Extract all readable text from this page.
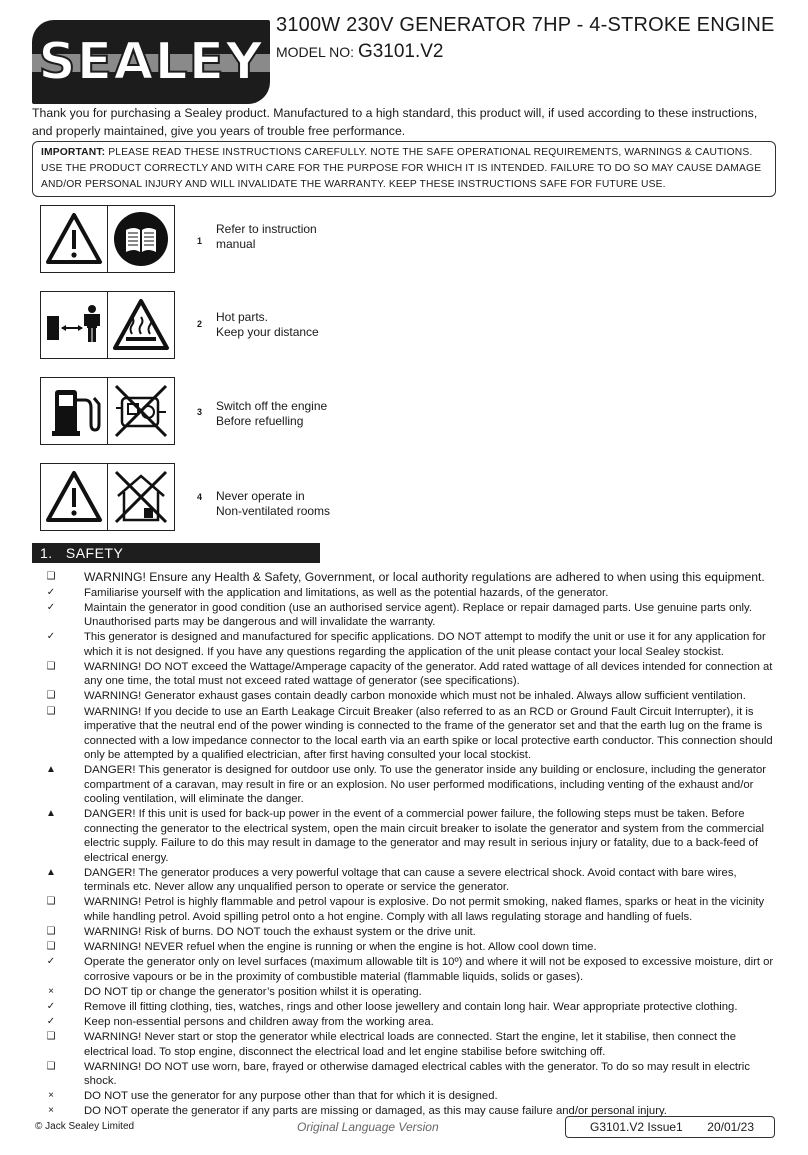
SEALEY
3100W 230V GENERATOR 7HP - 4-STROKE ENGINE
MODEL NO: G3101.V2
Thank you for purchasing a Sealey product. Manufactured to a high standard, this product will, if used according to these instructions, and properly maintained, give you years of trouble free performance.
IMPORTANT: PLEASE READ THESE INSTRUCTIONS CAREFULLY. NOTE THE SAFE OPERATIONAL REQUIREMENTS, WARNINGS & CAUTIONS. USE THE PRODUCT CORRECTLY AND WITH CARE FOR THE PURPOSE FOR WHICH IT IS INTENDED. FAILURE TO DO SO MAY CAUSE DAMAGE AND/OR PERSONAL INJURY AND WILL INVALIDATE THE WARRANTY. KEEP THESE INSTRUCTIONS SAFE FOR FUTURE USE.
1
Refer to instruction
manual
2 Hot parts.
Keep your distance
3 Switch off the engine
Before refuelling
4 Never operate in
Non-ventilated rooms
1. SAFETY
❑ WARNING! Ensure any Health & Safety, Government, or local authority regulations are adhered to when using this equipment.
✓	Familiarise yourself with the application and limitations, as well as the potential hazards, of the generator.
✓	Maintain the generator in good condition (use an authorised service agent). Replace or repair damaged parts. Use genuine parts only. Unauthorised parts may be dangerous and will invalidate the warranty.
✓	This generator is designed and manufactured for specific applications. DO NOT attempt to modify the unit or use it for any application for which it is not designed. If you have any questions regarding the application of the unit please contact your local Sealey stockist.
❑	WARNING! DO NOT exceed the Wattage/Amperage capacity of the generator. Add rated wattage of all devices intended for connection at any one time, the total must not exceed rated wattage of generator (see specifications).
❑	WARNING! Generator exhaust gases contain deadly carbon monoxide which must not be inhaled. Always allow sufficient ventilation.
❑	WARNING! If you decide to use an Earth Leakage Circuit Breaker (also referred to as an RCD or Ground Fault Circuit Interrupter), it is imperative that the neutral end of the power winding is connected to the frame of the generator set and that the earth lug on the frame is connected with a low impedance connector to the local earth via an earth spike or local protective earth conductor. This connection should only be attempted by a qualified electrician, after first having consulted your local stockist.
▲ DANGER! This generator is designed for outdoor use only. To use the generator inside any building or enclosure, including the generator compartment of a caravan, may result in fire or an explosion. No user performed modifications, including venting of the exhaust and/or cooling ventilation, will eliminate the danger.
▲ DANGER! If this unit is used for back-up power in the event of a commercial power failure, the following steps must be taken. Before connecting the generator to the electrical system, open the main circuit breaker to isolate the generator and system from the commercial electric supply. Failure to do this may result in damage to the generator and may result in serious injury or fatality, due to a back-feed of electrical energy.
▲ DANGER! The generator produces a very powerful voltage that can cause a severe electrical shock. Avoid contact with bare wires, terminals etc. Never allow any unqualified person to operate or service the generator.
❑	WARNING! Petrol is highly flammable and petrol vapour is explosive. Do not permit smoking, naked flames, sparks or heat in the vicinity while handling petrol. Avoid spilling petrol onto a hot engine. Comply with all laws regulating storage and handling of fuels.
❑	WARNING! Risk of burns. DO NOT touch the exhaust system or the drive unit.
❑	WARNING! NEVER refuel when the engine is running or when the engine is hot. Allow cool down time.
✓	Operate the generator only on level surfaces (maximum allowable tilt is 10º) and where it will not be exposed to excessive moisture, dirt or corrosive vapours or be in the proximity of combustible material (flammable liquids, solids or gases).
×	DO NOT tip or change the generator’s position whilst it is operating.
✓	Remove ill fitting clothing, ties, watches, rings and other loose jewellery and contain long hair. Wear appropriate protective clothing.
✓	Keep non-essential persons and children away from the working area.
❑	WARNING! Never start or stop the generator while electrical loads are connected. Start the engine, let it stabilise, then connect the electrical load. To stop engine, disconnect the electrical load and let engine stabilise before switching off.
❑	WARNING! DO NOT use worn, bare, frayed or otherwise damaged electrical cables with the generator. To do so may result in electric shock.
×	DO NOT use the generator for any purpose other than that for which it is designed.
×	DO NOT operate the generator if any parts are missing or damaged, as this may cause failure and/or personal injury.
© Jack Sealey Limited	Original Language Version	G3101.V2 Issue1 20/01/23
